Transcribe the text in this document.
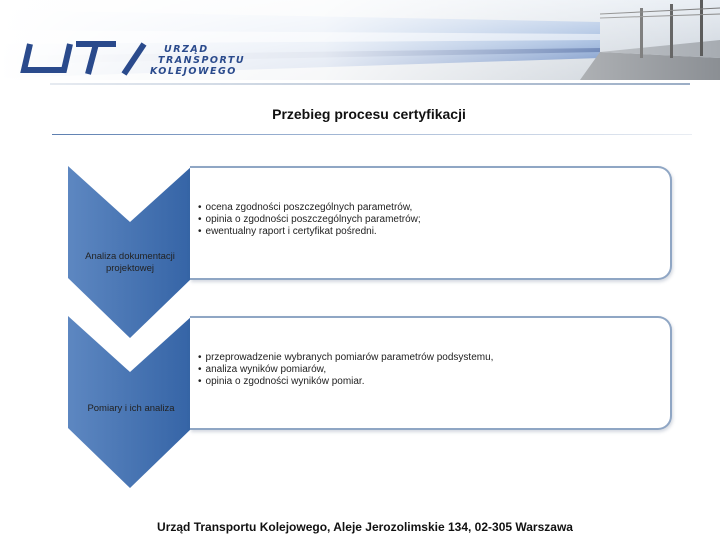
URZĄD
TRANSPORTU
KOLEJOWEGO
Przebieg procesu certyfikacji
Analiza dokumentacji projektowej
• ocena zgodności poszczególnych parametrów,
• opinia o zgodności poszczególnych parametrów;
• ewentualny raport i certyfikat pośredni.
Pomiary i ich analiza
• przeprowadzenie wybranych pomiarów parametrów podsystemu,
• analiza wyników pomiarów,
• opinia o zgodności wyników pomiar.
Urząd Transportu Kolejowego, Aleje Jerozolimskie 134, 02-305 Warszawa
